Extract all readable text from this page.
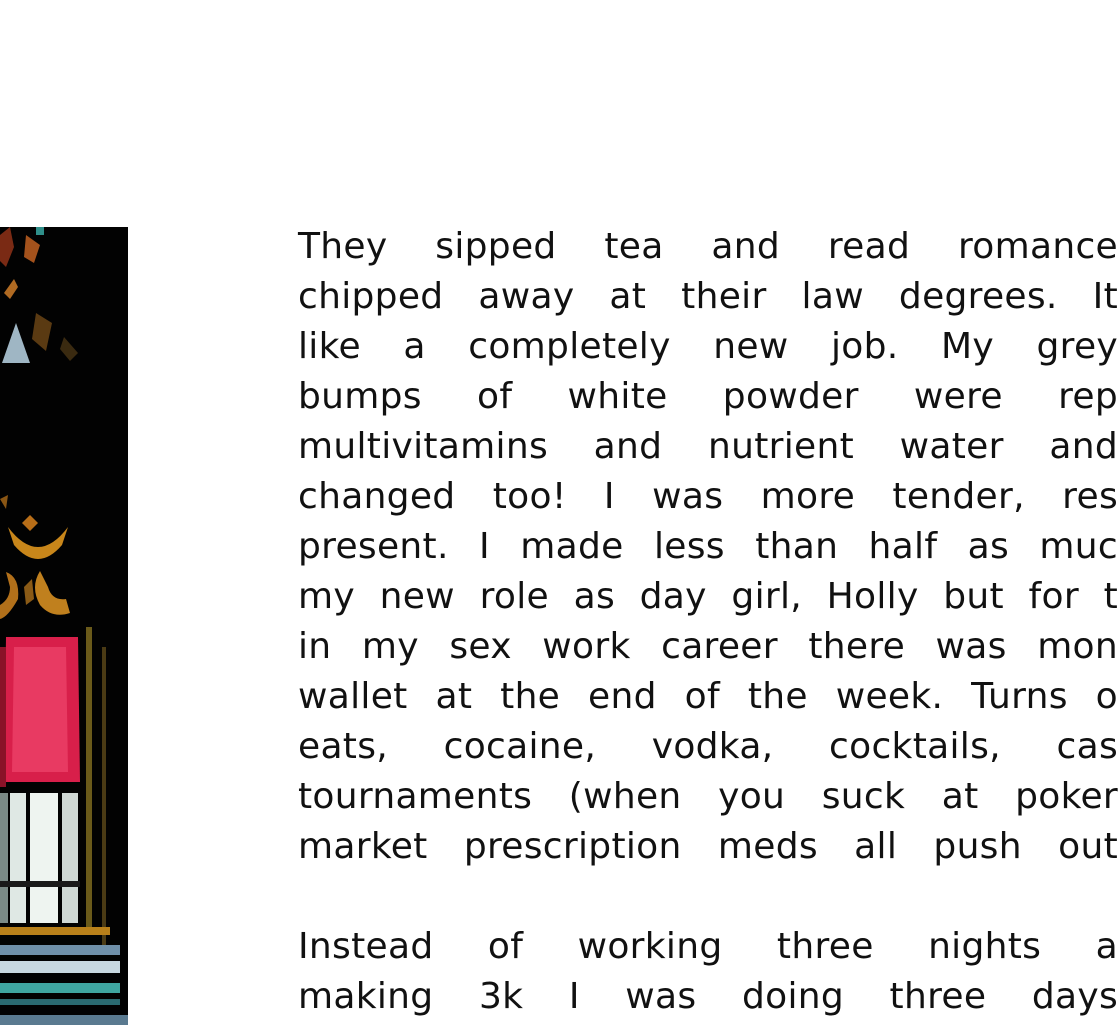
They sipped tea and read romance
chipped away at their law degrees. It
like a completely new job. My grey
bumps of white powder were rep
multivitamins and nutrient water and
changed too! I was more tender, res
present. I made less than half as muc
my new role as day girl, Holly but for t
in my sex work career there was mon
wallet at the end of the week. Turns o
eats, cocaine, vodka, cocktails, cas
tournaments (when you suck at poker
market prescription meds all push out
Instead of working three nights a
making 3k I was doing three days
